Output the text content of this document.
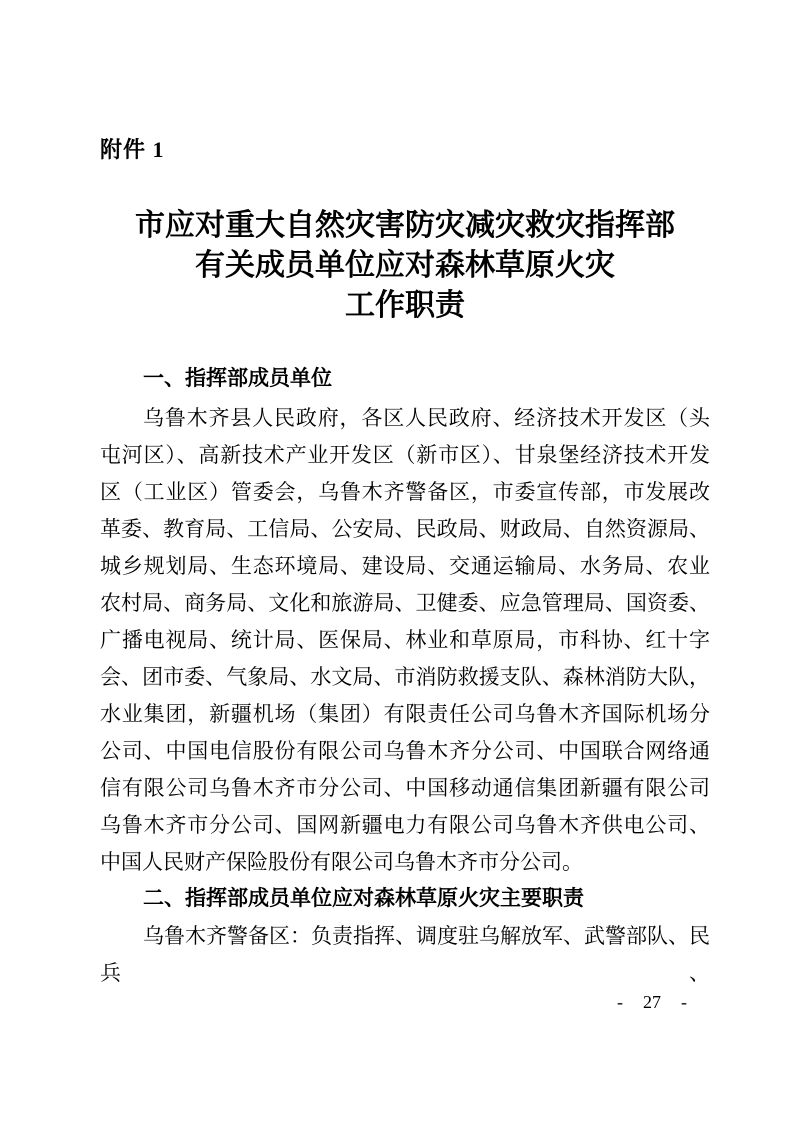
附件 1
市应对重大自然灾害防灾减灾救灾指挥部
有关成员单位应对森林草原火灾
工作职责
一、指挥部成员单位
乌鲁木齐县人民政府，各区人民政府、经济技术开发区（头
屯河区）、高新技术产业开发区（新市区）、甘泉堡经济技术开发
区（工业区）管委会，乌鲁木齐警备区，市委宣传部，市发展改
革委、教育局、工信局、公安局、民政局、财政局、自然资源局、
城乡规划局、生态环境局、建设局、交通运输局、水务局、农业
农村局、商务局、文化和旅游局、卫健委、应急管理局、国资委、
广播电视局、统计局、医保局、林业和草原局，市科协、红十字
会、团市委、气象局、水文局、市消防救援支队、森林消防大队，
水业集团，新疆机场（集团）有限责任公司乌鲁木齐国际机场分
公司、中国电信股份有限公司乌鲁木齐分公司、中国联合网络通
信有限公司乌鲁木齐市分公司、中国移动通信集团新疆有限公司
乌鲁木齐市分公司、国网新疆电力有限公司乌鲁木齐供电公司、
中国人民财产保险股份有限公司乌鲁木齐市分公司。
二、指挥部成员单位应对森林草原火灾主要职责
乌鲁木齐警备区：负责指挥、调度驻乌解放军、武警部队、民兵、
- 27 -
